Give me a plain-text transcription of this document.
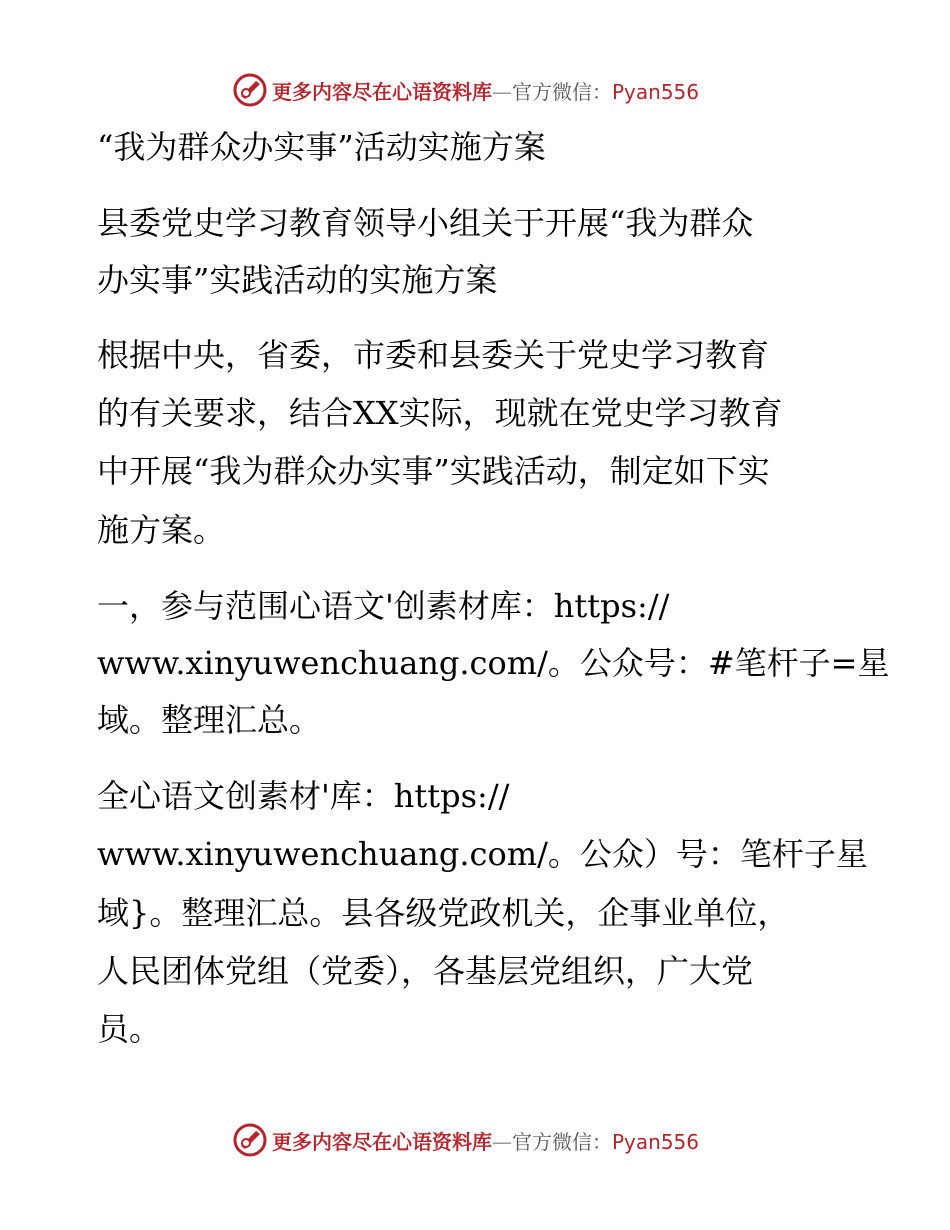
更多内容尽在心语资料库—官方微信：Pyan556
“我为群众办实事”活动实施方案
县委党史学习教育领导小组关于开展“我为群众
办实事”实践活动的实施方案
根据中央，省委，市委和县委关于党史学习教育
的有关要求，结合XX实际，现就在党史学习教育
中开展“我为群众办实事”实践活动，制定如下实
施方案。
一，参与范围心语文'创素材库：https://
www.xinyuwenchuang.com/。公众号：#笔杆子=星
域。整理汇总。
全心语文创素材'库：https://
www.xinyuwenchuang.com/。公众）号：笔杆子星
域}。整理汇总。县各级党政机关，企事业单位，
人民团体党组（党委），各基层党组织，广大党
员。
更多内容尽在心语资料库—官方微信：Pyan556
